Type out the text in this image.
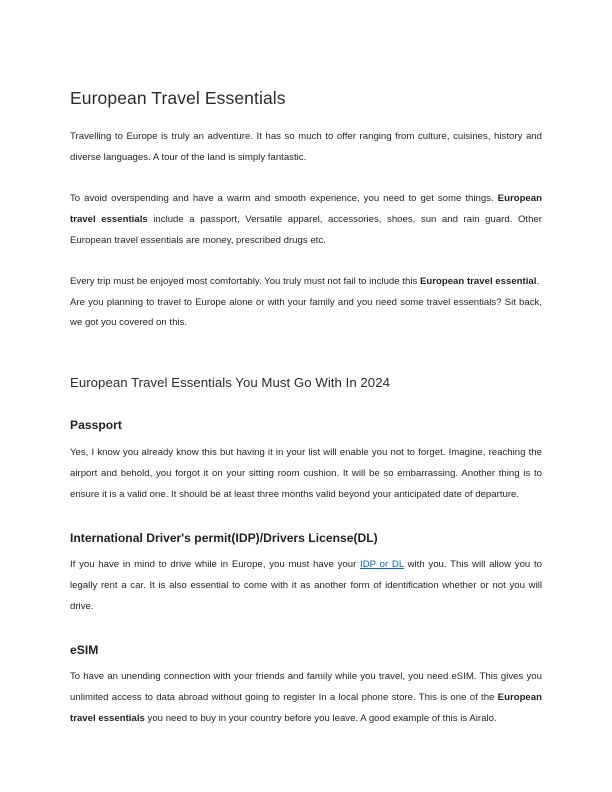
European Travel Essentials

Travelling to Europe is truly an adventure. It has so much to offer ranging from culture, cuisines, history and diverse languages. A tour of the land is simply fantastic.

To avoid overspending and have a warm and smooth experience, you need to get some things. European travel essentials include a passport, Versatile apparel, accessories, shoes, sun and rain guard. Other European travel essentials are money, prescribed drugs etc.

Every trip must be enjoyed most comfortably. You truly must not fail to include this European travel essential.
Are you planning to travel to Europe alone or with your family and you need some travel essentials? Sit back, we got you covered on this.

European Travel Essentials You Must Go With In 2024
Passport

Yes, I know you already know this but having it in your list will enable you not to forget. Imagine, reaching the airport and behold, you forgot it on your sitting room cushion. It will be so embarrassing. Another thing is to ensure it is a valid one. It should be at least three months valid beyond your anticipated date of departure.

International Driver's permit(IDP)/Drivers License(DL)

If you have in mind to drive while in Europe, you must have your IDP or DL with you. This will allow you to legally rent a car. It is also essential to come with it as another form of identification whether or not you will drive.

eSIM

To have an unending connection with your friends and family while you travel, you need eSIM. This gives you unlimited access to data abroad without going to register In a local phone store. This is one of the European travel essentials you need to buy in your country before you leave. A good example of this is Airalo.
